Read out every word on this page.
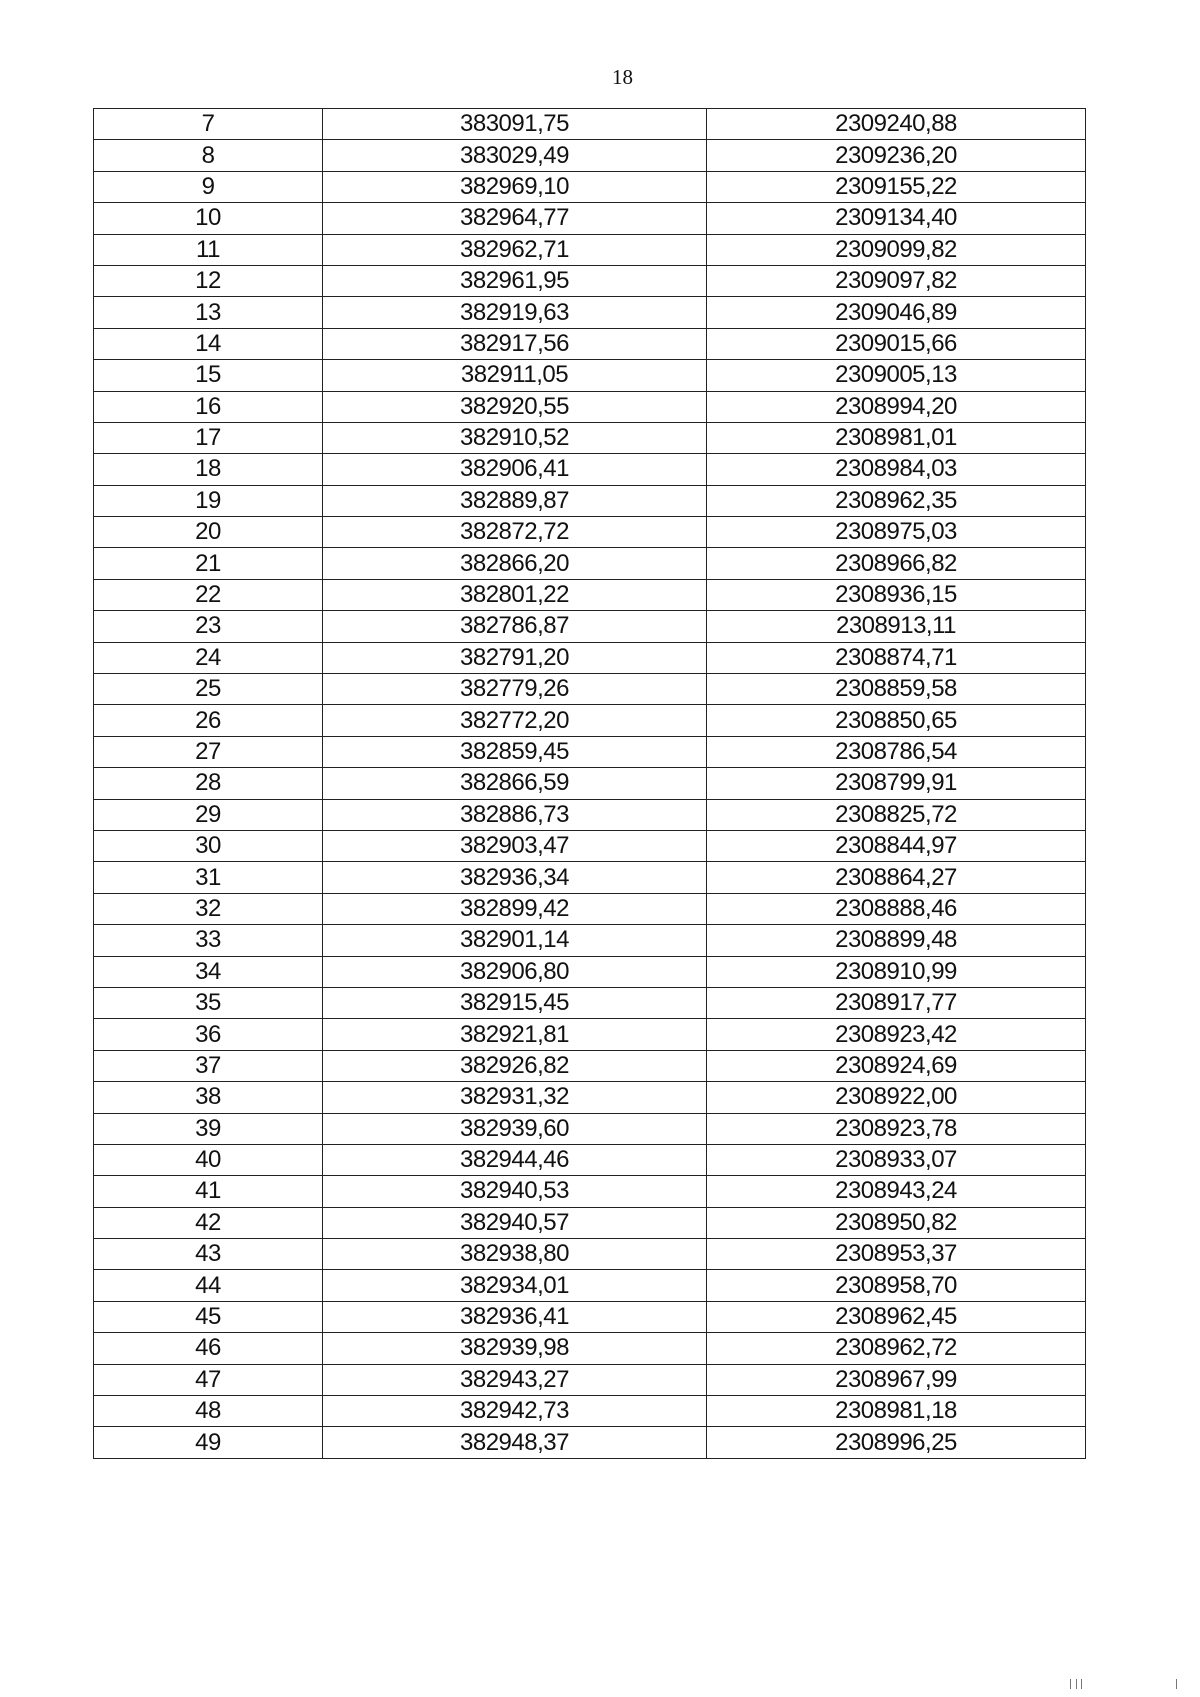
18
7	383091,75	2309240,88
8	383029,49	2309236,20
9	382969,10	2309155,22
10	382964,77	2309134,40
11	382962,71	2309099,82
12	382961,95	2309097,82
13	382919,63	2309046,89
14	382917,56	2309015,66
15	382911,05	2309005,13
16	382920,55	2308994,20
17	382910,52	2308981,01
18	382906,41	2308984,03
19	382889,87	2308962,35
20	382872,72	2308975,03
21	382866,20	2308966,82
22	382801,22	2308936,15
23	382786,87	2308913,11
24	382791,20	2308874,71
25	382779,26	2308859,58
26	382772,20	2308850,65
27	382859,45	2308786,54
28	382866,59	2308799,91
29	382886,73	2308825,72
30	382903,47	2308844,97
31	382936,34	2308864,27
32	382899,42	2308888,46
33	382901,14	2308899,48
34	382906,80	2308910,99
35	382915,45	2308917,77
36	382921,81	2308923,42
37	382926,82	2308924,69
38	382931,32	2308922,00
39	382939,60	2308923,78
40	382944,46	2308933,07
41	382940,53	2308943,24
42	382940,57	2308950,82
43	382938,80	2308953,37
44	382934,01	2308958,70
45	382936,41	2308962,45
46	382939,98	2308962,72
47	382943,27	2308967,99
48	382942,73	2308981,18
49	382948,37	2308996,25
